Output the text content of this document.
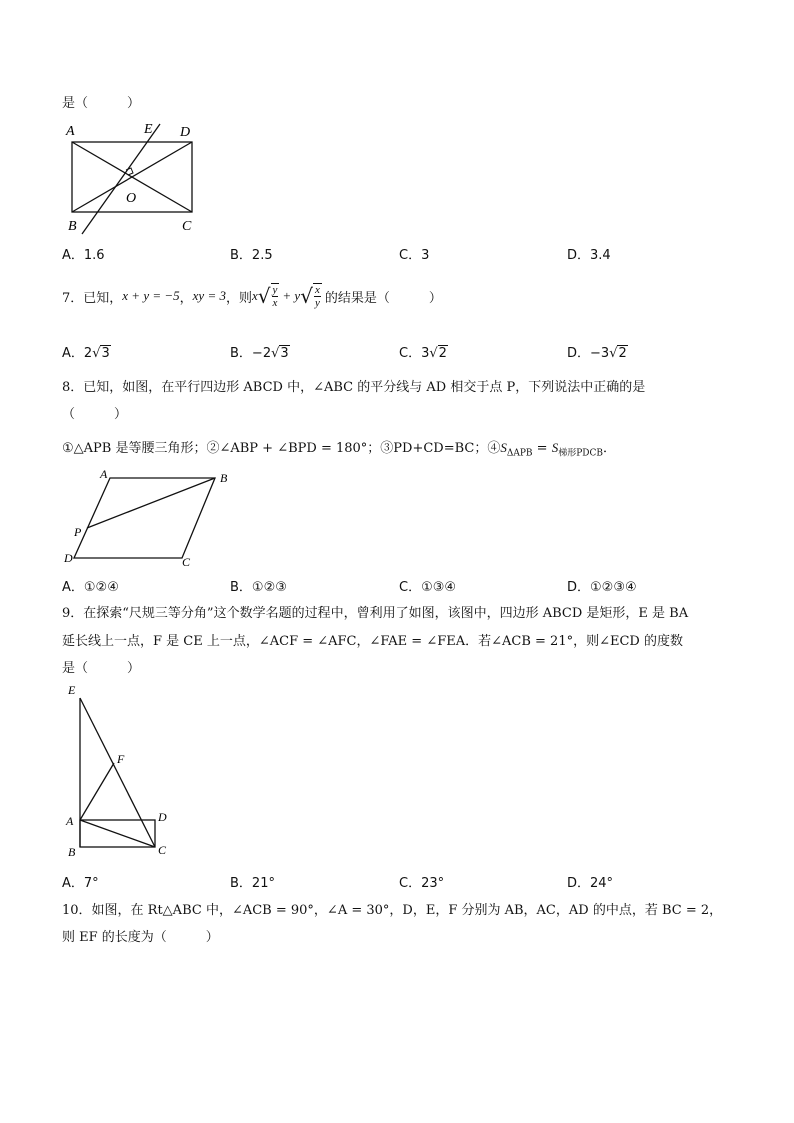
是（　　　）
A	E D
O
B	C
A．1.6	B．2.5	C．3	D．3.4
7．已知， x + y = −5 ， xy = 3 ，则 x √ $\frac{y}{x} + y$ √ $\frac{x}{y}$ 的结果是（　　　）
A．2√3	B．−2√3	C．3√2	D．−3√2
8．已知，如图，在平行四边形 ABCD 中，∠ABC 的平分线与 AD 相交于点 P，下列说法中正确的是
（　　　）
①△APB 是等腰三角形；②∠ABP + ∠BPD = 180°；③PD+CD=BC；$④S_{\Delta APB} = S_{梯形PDCB}$．
A	B
P
D	C
A．①②④	B．①②③	C．①③④	D．①②③④
9．在探索“尺规三等分角”这个数学名题的过程中，曾利用了如图，该图中，四边形 ABCD 是矩形，E 是 BA
延长线上一点，F 是 CE 上一点，∠ACF = ∠AFC，∠FAE = ∠FEA．若∠ACB = 21°，则∠ECD 的度数
是（　　　）
E
F
A	D
B	C
A．7°	B．21°	C．23°	D．24°
10．如图，在 Rt△ABC 中，∠ACB = 90°，∠A = 30°，D，E，F 分别为 AB，AC，AD 的中点，若 BC = 2，
则 EF 的长度为（　　　）
